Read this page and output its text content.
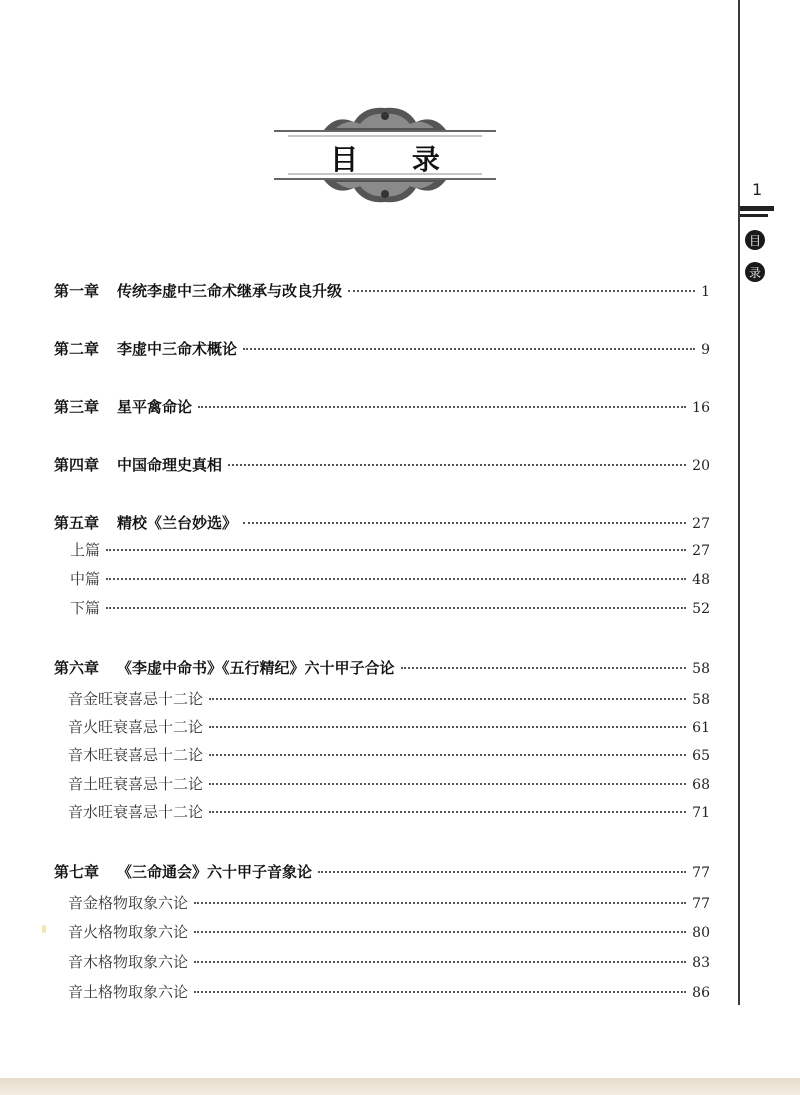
1
目
录
目 录
第一章 传统李虚中三命术继承与改良升级	1
第二章 李虚中三命术概论	9
第三章 星平禽命论	16
第四章 中国命理史真相	20
第五章 精校《兰台妙选》	27
上篇	27
中篇	48
下篇	52
第六章 《李虚中命书》《五行精纪》六十甲子合论	58
音金旺衰喜忌十二论	58
音火旺衰喜忌十二论	61
音木旺衰喜忌十二论	65
音土旺衰喜忌十二论	68
音水旺衰喜忌十二论	71
第七章 《三命通会》六十甲子音象论	77
音金格物取象六论	77
音火格物取象六论	80
音木格物取象六论	83
音土格物取象六论	86
